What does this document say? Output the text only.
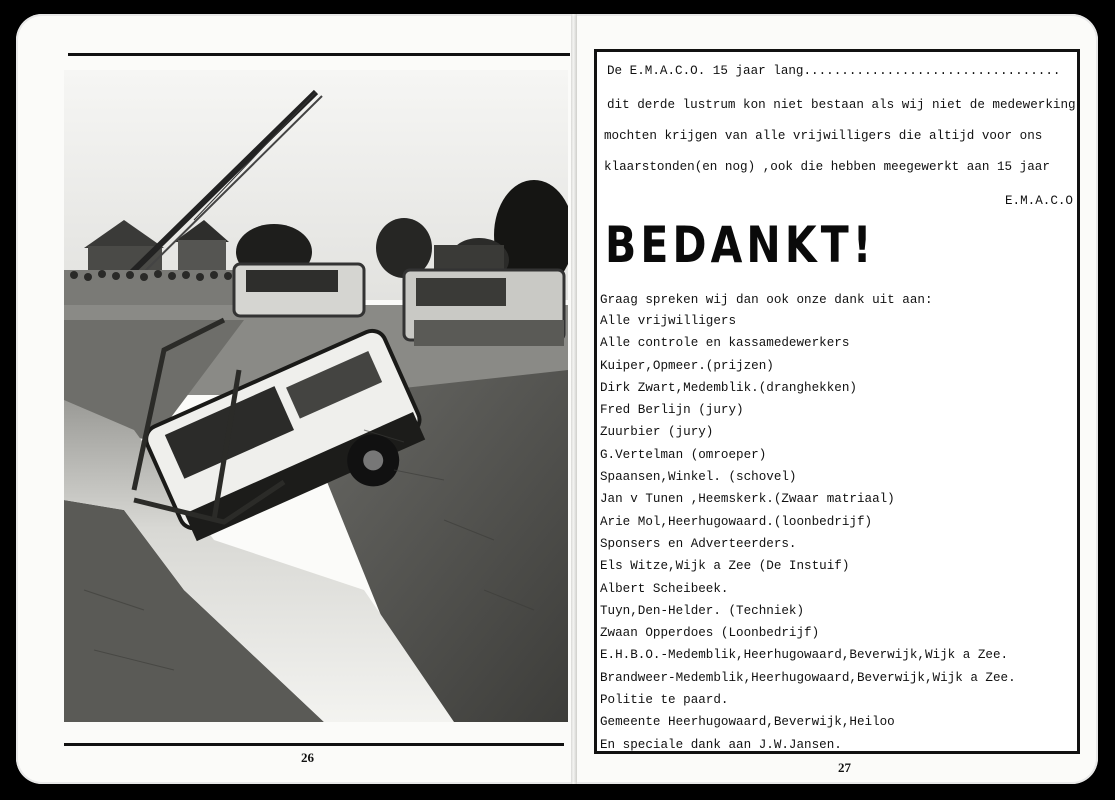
26
De E.M.A.C.O. 15 jaar lang..................................
dit derde lustrum kon niet bestaan als wij niet de medewerking
mochten krijgen van alle vrijwilligers die altijd voor ons
klaarstonden(en nog) ,ook die hebben meegewerkt aan 15 jaar
E.M.A.C.O
BEDANKT!
Graag spreken wij dan ook onze dank uit aan:
Alle vrijwilligers
Alle controle en kassamedewerkers
Kuiper,Opmeer.(prijzen)
Dirk Zwart,Medemblik.(dranghekken)
Fred Berlijn (jury)
Zuurbier (jury)
G.Vertelman (omroeper)
Spaansen,Winkel. (schovel)
Jan v Tunen ,Heemskerk.(Zwaar matriaal)
Arie Mol,Heerhugowaard.(loonbedrijf)
Sponsers en Adverteerders.
Els Witze,Wijk a Zee (De Instuif)
Albert Scheibeek.
Tuyn,Den-Helder. (Techniek)
Zwaan Opperdoes (Loonbedrijf)
E.H.B.O.-Medemblik,Heerhugowaard,Beverwijk,Wijk a Zee.
Brandweer-Medemblik,Heerhugowaard,Beverwijk,Wijk a Zee.
Politie te paard.
Gemeente Heerhugowaard,Beverwijk,Heiloo
En speciale dank aan J.W.Jansen.
27
